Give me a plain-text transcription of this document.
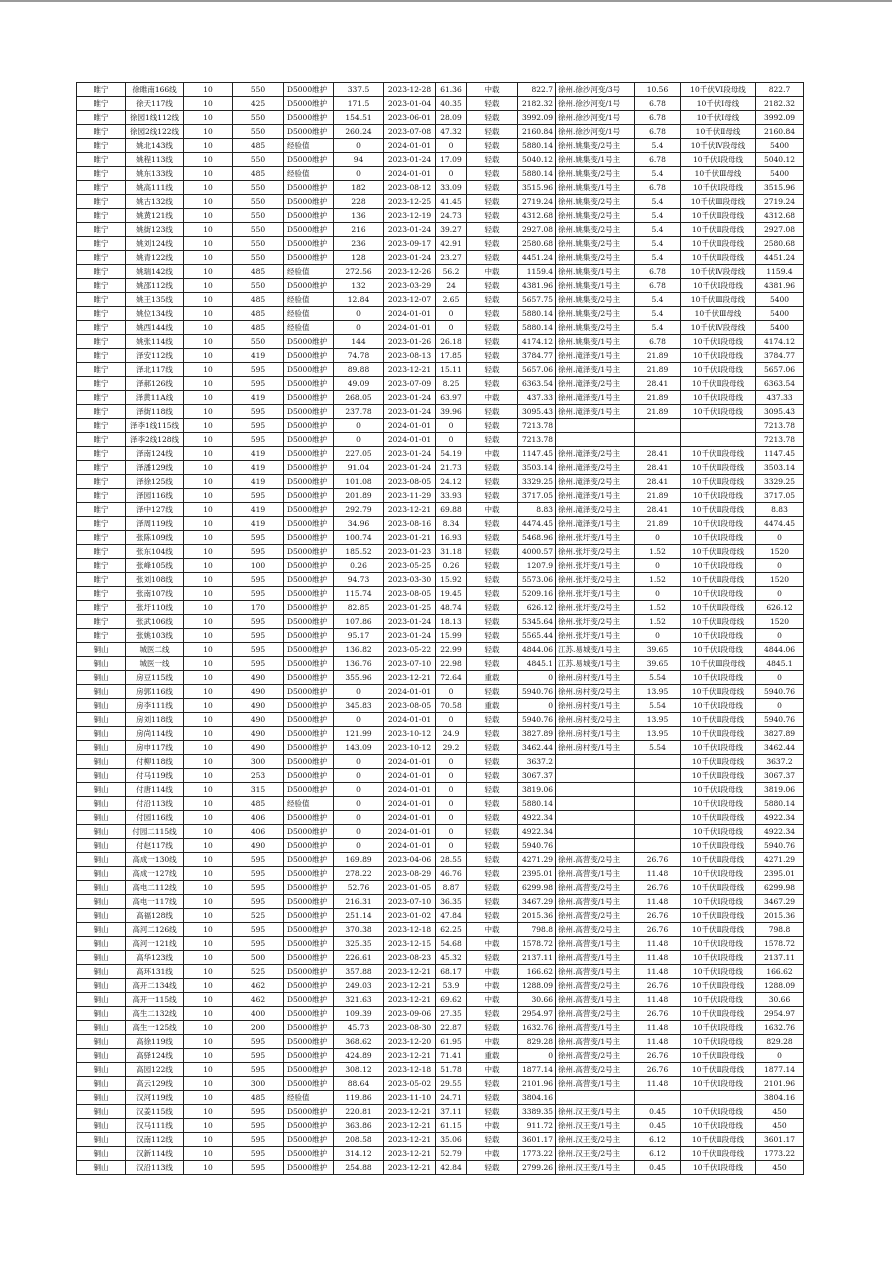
睢宁	徐睢南166线	10	550	D5000维护	337.5	2023-12-28	61.36	中载	822.7	徐州.徐沙河变/3号	10.56	10千伏VI段母线	822.7
睢宁	徐天117线	10	425	D5000维护	171.5	2023-01-04	40.35	轻载	2182.32	徐州.徐沙河变/1号	6.78	10千伏Ⅰ母线	2182.32
睢宁	徐园1线112线	10	550	D5000维护	154.51	2023-06-01	28.09	轻载	3992.09	徐州.徐沙河变/1号	6.78	10千伏Ⅰ母线	3992.09
睢宁	徐园2线122线	10	550	D5000维护	260.24	2023-07-08	47.32	轻载	2160.84	徐州.徐沙河变/1号	6.78	10千伏Ⅱ母线	2160.84
睢宁	姚北143线	10	485	经验值	0	2024-01-01	0	轻载	5880.14	徐州.姚集变/2号主	5.4	10千伏Ⅳ段母线	5400
睢宁	姚程113线	10	550	D5000维护	94	2023-01-24	17.09	轻载	5040.12	徐州.姚集变/1号主	6.78	10千伏Ⅰ段母线	5040.12
睢宁	姚东133线	10	485	经验值	0	2024-01-01	0	轻载	5880.14	徐州.姚集变/2号主	5.4	10千伏Ⅲ母线	5400
睢宁	姚高111线	10	550	D5000维护	182	2023-08-12	33.09	轻载	3515.96	徐州.姚集变/1号主	6.78	10千伏Ⅰ段母线	3515.96
睢宁	姚古132线	10	550	D5000维护	228	2023-12-25	41.45	轻载	2719.24	徐州.姚集变/2号主	5.4	10千伏Ⅲ段母线	2719.24
睢宁	姚黄121线	10	550	D5000维护	136	2023-12-19	24.73	轻载	4312.68	徐州.姚集变/2号主	5.4	10千伏Ⅱ段母线	4312.68
睢宁	姚街123线	10	550	D5000维护	216	2023-01-24	39.27	轻载	2927.08	徐州.姚集变/2号主	5.4	10千伏Ⅱ段母线	2927.08
睢宁	姚刘124线	10	550	D5000维护	236	2023-09-17	42.91	轻载	2580.68	徐州.姚集变/2号主	5.4	10千伏Ⅱ段母线	2580.68
睢宁	姚青122线	10	550	D5000维护	128	2023-01-24	23.27	轻载	4451.24	徐州.姚集变/2号主	5.4	10千伏Ⅱ段母线	4451.24
睢宁	姚瑞142线	10	485	经验值	272.56	2023-12-26	56.2	中载	1159.4	徐州.姚集变/1号主	6.78	10千伏Ⅳ段母线	1159.4
睢宁	姚邵112线	10	550	D5000维护	132	2023-03-29	24	轻载	4381.96	徐州.姚集变/1号主	6.78	10千伏Ⅰ段母线	4381.96
睢宁	姚王135线	10	485	经验值	12.84	2023-12-07	2.65	轻载	5657.75	徐州.姚集变/2号主	5.4	10千伏Ⅲ段母线	5400
睢宁	姚位134线	10	485	经验值	0	2024-01-01	0	轻载	5880.14	徐州.姚集变/2号主	5.4	10千伏Ⅲ母线	5400
睢宁	姚西144线	10	485	经验值	0	2024-01-01	0	轻载	5880.14	徐州.姚集变/2号主	5.4	10千伏Ⅳ段母线	5400
睢宁	姚张114线	10	550	D5000维护	144	2023-01-26	26.18	轻载	4174.12	徐州.姚集变/1号主	6.78	10千伏Ⅰ段母线	4174.12
睢宁	泽安112线	10	419	D5000维护	74.78	2023-08-13	17.85	轻载	3784.77	徐州.滝泽变/1号主	21.89	10千伏Ⅰ段母线	3784.77
睢宁	泽北117线	10	595	D5000维护	89.88	2023-12-21	15.11	轻载	5657.06	徐州.滝泽变/1号主	21.89	10千伏Ⅰ段母线	5657.06
睢宁	泽郝126线	10	595	D5000维护	49.09	2023-07-09	8.25	轻载	6363.54	徐州.滝泽变/2号主	28.41	10千伏Ⅱ段母线	6363.54
睢宁	泽黄11A线	10	419	D5000维护	268.05	2023-01-24	63.97	中载	437.33	徐州.滝泽变/1号主	21.89	10千伏Ⅰ段母线	437.33
睢宁	泽街118线	10	595	D5000维护	237.78	2023-01-24	39.96	轻载	3095.43	徐州.滝泽变/1号主	21.89	10千伏Ⅰ段母线	3095.43
睢宁	泽李1线115线	10	595	D5000维护	0	2024-01-01	0	轻载	7213.78				7213.78
睢宁	泽李2线128线	10	595	D5000维护	0	2024-01-01	0	轻载	7213.78				7213.78
睢宁	泽南124线	10	419	D5000维护	227.05	2023-01-24	54.19	中载	1147.45	徐州.滝泽变/2号主	28.41	10千伏Ⅱ段母线	1147.45
睢宁	泽潘129线	10	419	D5000维护	91.04	2023-01-24	21.73	轻载	3503.14	徐州.滝泽变/2号主	28.41	10千伏Ⅱ段母线	3503.14
睢宁	泽徐125线	10	419	D5000维护	101.08	2023-08-05	24.12	轻载	3329.25	徐州.滝泽变/2号主	28.41	10千伏Ⅱ段母线	3329.25
睢宁	泽园116线	10	595	D5000维护	201.89	2023-11-29	33.93	轻载	3717.05	徐州.滝泽变/1号主	21.89	10千伏Ⅰ段母线	3717.05
睢宁	泽中127线	10	419	D5000维护	292.79	2023-12-21	69.88	中载	8.83	徐州.滝泽变/2号主	28.41	10千伏Ⅱ段母线	8.83
睢宁	泽周119线	10	419	D5000维护	34.96	2023-08-16	8.34	轻载	4474.45	徐州.滝泽变/1号主	21.89	10千伏Ⅰ段母线	4474.45
睢宁	张陈109线	10	595	D5000维护	100.74	2023-01-21	16.93	轻载	5468.96	徐州.张圩变/1号主	0	10千伏Ⅰ段母线	0
睢宁	张东104线	10	595	D5000维护	185.52	2023-01-23	31.18	轻载	4000.57	徐州.张圩变/2号主	1.52	10千伏Ⅱ段母线	1520
睢宁	张峰105线	10	100	D5000维护	0.26	2023-05-25	0.26	轻载	1207.9	徐州.张圩变/1号主	0	10千伏Ⅰ段母线	0
睢宁	张刘108线	10	595	D5000维护	94.73	2023-03-30	15.92	轻载	5573.06	徐州.张圩变/2号主	1.52	10千伏Ⅱ段母线	1520
睢宁	张南107线	10	595	D5000维护	115.74	2023-08-05	19.45	轻载	5209.16	徐州.张圩变/1号主	0	10千伏Ⅰ段母线	0
睢宁	张圩110线	10	170	D5000维护	82.85	2023-01-25	48.74	轻载	626.12	徐州.张圩变/2号主	1.52	10千伏Ⅱ段母线	626.12
睢宁	张武106线	10	595	D5000维护	107.86	2023-01-24	18.13	轻载	5345.64	徐州.张圩变/2号主	1.52	10千伏Ⅱ段母线	1520
睢宁	张姚103线	10	595	D5000维护	95.17	2023-01-24	15.99	轻载	5565.44	徐州.张圩变/1号主	0	10千伏Ⅰ段母线	0
铜山	城医二线	10	595	D5000维护	136.82	2023-05-22	22.99	轻载	4844.06	江苏.易城变/1号主	39.65	10千伏Ⅰ段母线	4844.06
铜山	城医一线	10	595	D5000维护	136.76	2023-07-10	22.98	轻载	4845.1	江苏.易城变/1号主	39.65	10千伏Ⅲ段母线	4845.1
铜山	房豆115线	10	490	D5000维护	355.96	2023-12-21	72.64	重载	0	徐州.房村变/1号主	5.54	10千伏Ⅰ段母线	0
铜山	房郭116线	10	490	D5000维护	0	2024-01-01	0	轻载	5940.76	徐州.房村变/2号主	13.95	10千伏Ⅱ段母线	5940.76
铜山	房李111线	10	490	D5000维护	345.83	2023-08-05	70.58	重载	0	徐州.房村变/1号主	5.54	10千伏Ⅰ段母线	0
铜山	房刘118线	10	490	D5000维护	0	2024-01-01	0	轻载	5940.76	徐州.房村变/2号主	13.95	10千伏Ⅱ段母线	5940.76
铜山	房尚114线	10	490	D5000维护	121.99	2023-10-12	24.9	轻载	3827.89	徐州.房村变/1号主	13.95	10千伏Ⅱ段母线	3827.89
铜山	房申117线	10	490	D5000维护	143.09	2023-10-12	29.2	轻载	3462.44	徐州.房村变/1号主	5.54	10千伏Ⅰ段母线	3462.44
铜山	付柳118线	10	300	D5000维护	0	2024-01-01	0	轻载	3637.2			10千伏Ⅱ段母线	3637.2
铜山	付马119线	10	253	D5000维护	0	2024-01-01	0	轻载	3067.37			10千伏Ⅱ段母线	3067.37
铜山	付唐114线	10	315	D5000维护	0	2024-01-01	0	轻载	3819.06			10千伏Ⅰ段母线	3819.06
铜山	付沿113线	10	485	经验值	0	2024-01-01	0	轻载	5880.14			10千伏Ⅰ段母线	5880.14
铜山	付园116线	10	406	D5000维护	0	2024-01-01	0	轻载	4922.34			10千伏Ⅱ段母线	4922.34
铜山	付园二115线	10	406	D5000维护	0	2024-01-01	0	轻载	4922.34			10千伏Ⅰ段母线	4922.34
铜山	付赵117线	10	490	D5000维护	0	2024-01-01	0	轻载	5940.76			10千伏Ⅱ段母线	5940.76
铜山	高成一130线	10	595	D5000维护	169.89	2023-04-06	28.55	轻载	4271.29	徐州.高营变/2号主	26.76	10千伏Ⅱ段母线	4271.29
铜山	高成一127线	10	595	D5000维护	278.22	2023-08-29	46.76	轻载	2395.01	徐州.高营变/1号主	11.48	10千伏Ⅰ段母线	2395.01
铜山	高电二112线	10	595	D5000维护	52.76	2023-01-05	8.87	轻载	6299.98	徐州.高营变/2号主	26.76	10千伏Ⅱ段母线	6299.98
铜山	高电一117线	10	595	D5000维护	216.31	2023-07-10	36.35	轻载	3467.29	徐州.高营变/1号主	11.48	10千伏Ⅰ段母线	3467.29
铜山	高福128线	10	525	D5000维护	251.14	2023-01-02	47.84	轻载	2015.36	徐州.高营变/2号主	26.76	10千伏Ⅱ段母线	2015.36
铜山	高河二126线	10	595	D5000维护	370.38	2023-12-18	62.25	中载	798.8	徐州.高营变/2号主	26.76	10千伏Ⅱ段母线	798.8
铜山	高河一121线	10	595	D5000维护	325.35	2023-12-15	54.68	中载	1578.72	徐州.高营变/1号主	11.48	10千伏Ⅰ段母线	1578.72
铜山	高华123线	10	500	D5000维护	226.61	2023-08-23	45.32	轻载	2137.11	徐州.高营变/1号主	11.48	10千伏Ⅰ段母线	2137.11
铜山	高环131线	10	525	D5000维护	357.88	2023-12-21	68.17	中载	166.62	徐州.高营变/1号主	11.48	10千伏Ⅰ段母线	166.62
铜山	高开二134线	10	462	D5000维护	249.03	2023-12-21	53.9	中载	1288.09	徐州.高营变/2号主	26.76	10千伏Ⅱ段母线	1288.09
铜山	高开一115线	10	462	D5000维护	321.63	2023-12-21	69.62	中载	30.66	徐州.高营变/1号主	11.48	10千伏Ⅰ段母线	30.66
铜山	高生二132线	10	400	D5000维护	109.39	2023-09-06	27.35	轻载	2954.97	徐州.高营变/2号主	26.76	10千伏Ⅱ段母线	2954.97
铜山	高生一125线	10	200	D5000维护	45.73	2023-08-30	22.87	轻载	1632.76	徐州.高营变/1号主	11.48	10千伏Ⅰ段母线	1632.76
铜山	高徐119线	10	595	D5000维护	368.62	2023-12-20	61.95	中载	829.28	徐州.高营变/1号主	11.48	10千伏Ⅰ段母线	829.28
铜山	高驿124线	10	595	D5000维护	424.89	2023-12-21	71.41	重载	0	徐州.高营变/2号主	26.76	10千伏Ⅱ段母线	0
铜山	高园122线	10	595	D5000维护	308.12	2023-12-18	51.78	中载	1877.14	徐州.高营变/2号主	26.76	10千伏Ⅱ段母线	1877.14
铜山	高云129线	10	300	D5000维护	88.64	2023-05-02	29.55	轻载	2101.96	徐州.高营变/1号主	11.48	10千伏Ⅰ段母线	2101.96
铜山	汉河119线	10	485	经验值	119.86	2023-11-10	24.71	轻载	3804.16				3804.16
铜山	汉姜115线	10	595	D5000维护	220.81	2023-12-21	37.11	轻载	3389.35	徐州.汉王变/1号主	0.45	10千伏Ⅰ段母线	450
铜山	汉马111线	10	595	D5000维护	363.86	2023-12-21	61.15	中载	911.72	徐州.汉王变/1号主	0.45	10千伏Ⅰ段母线	450
铜山	汉南112线	10	595	D5000维护	208.58	2023-12-21	35.06	轻载	3601.17	徐州.汉王变/2号主	6.12	10千伏Ⅱ段母线	3601.17
铜山	汉新114线	10	595	D5000维护	314.12	2023-12-21	52.79	中载	1773.22	徐州.汉王变/2号主	6.12	10千伏Ⅱ段母线	1773.22
铜山	汉沿113线	10	595	D5000维护	254.88	2023-12-21	42.84	轻载	2799.26	徐州.汉王变/1号主	0.45	10千伏Ⅰ段母线	450
